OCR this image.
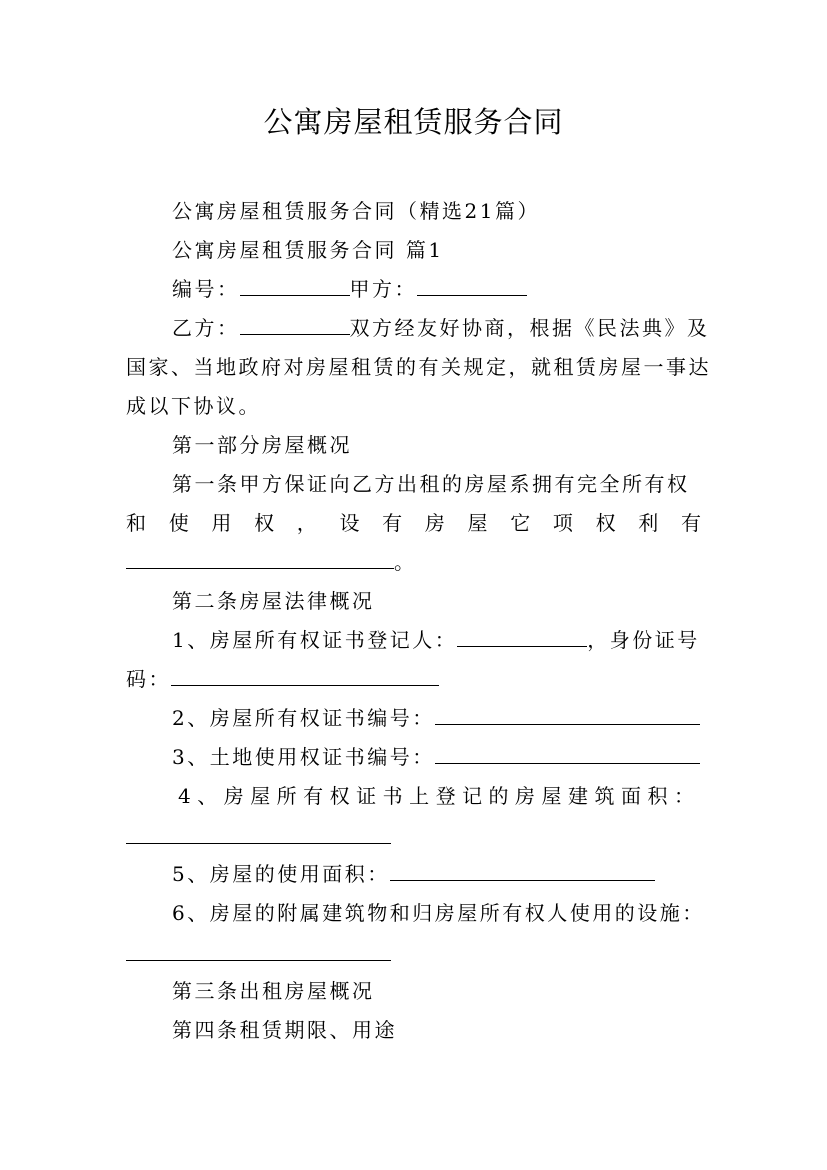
公寓房屋租赁服务合同
公寓房屋租赁服务合同（精选21篇）
公寓房屋租赁服务合同 篇1
编号：	甲方：
乙方：	双方经友好协商，根据《民法典》及
国家、当地政府对房屋租赁的有关规定，就租赁房屋一事达
成以下协议。
第一部分房屋概况
第一条甲方保证向乙方出租的房屋系拥有完全所有权
和 使 用 权 ， 设 有 房 屋 它 项 权 利 有
。
第二条房屋法律概况
1、房屋所有权证书登记人：	，身份证号
码：
2、房屋所有权证书编号：
3、土地使用权证书编号：
4 、 房 屋 所 有 权 证 书 上 登 记 的 房 屋 建 筑 面 积 ：
5、房屋的使用面积：
6、房屋的附属建筑物和归房屋所有权人使用的设施：
第三条出租房屋概况
第四条租赁期限、用途
